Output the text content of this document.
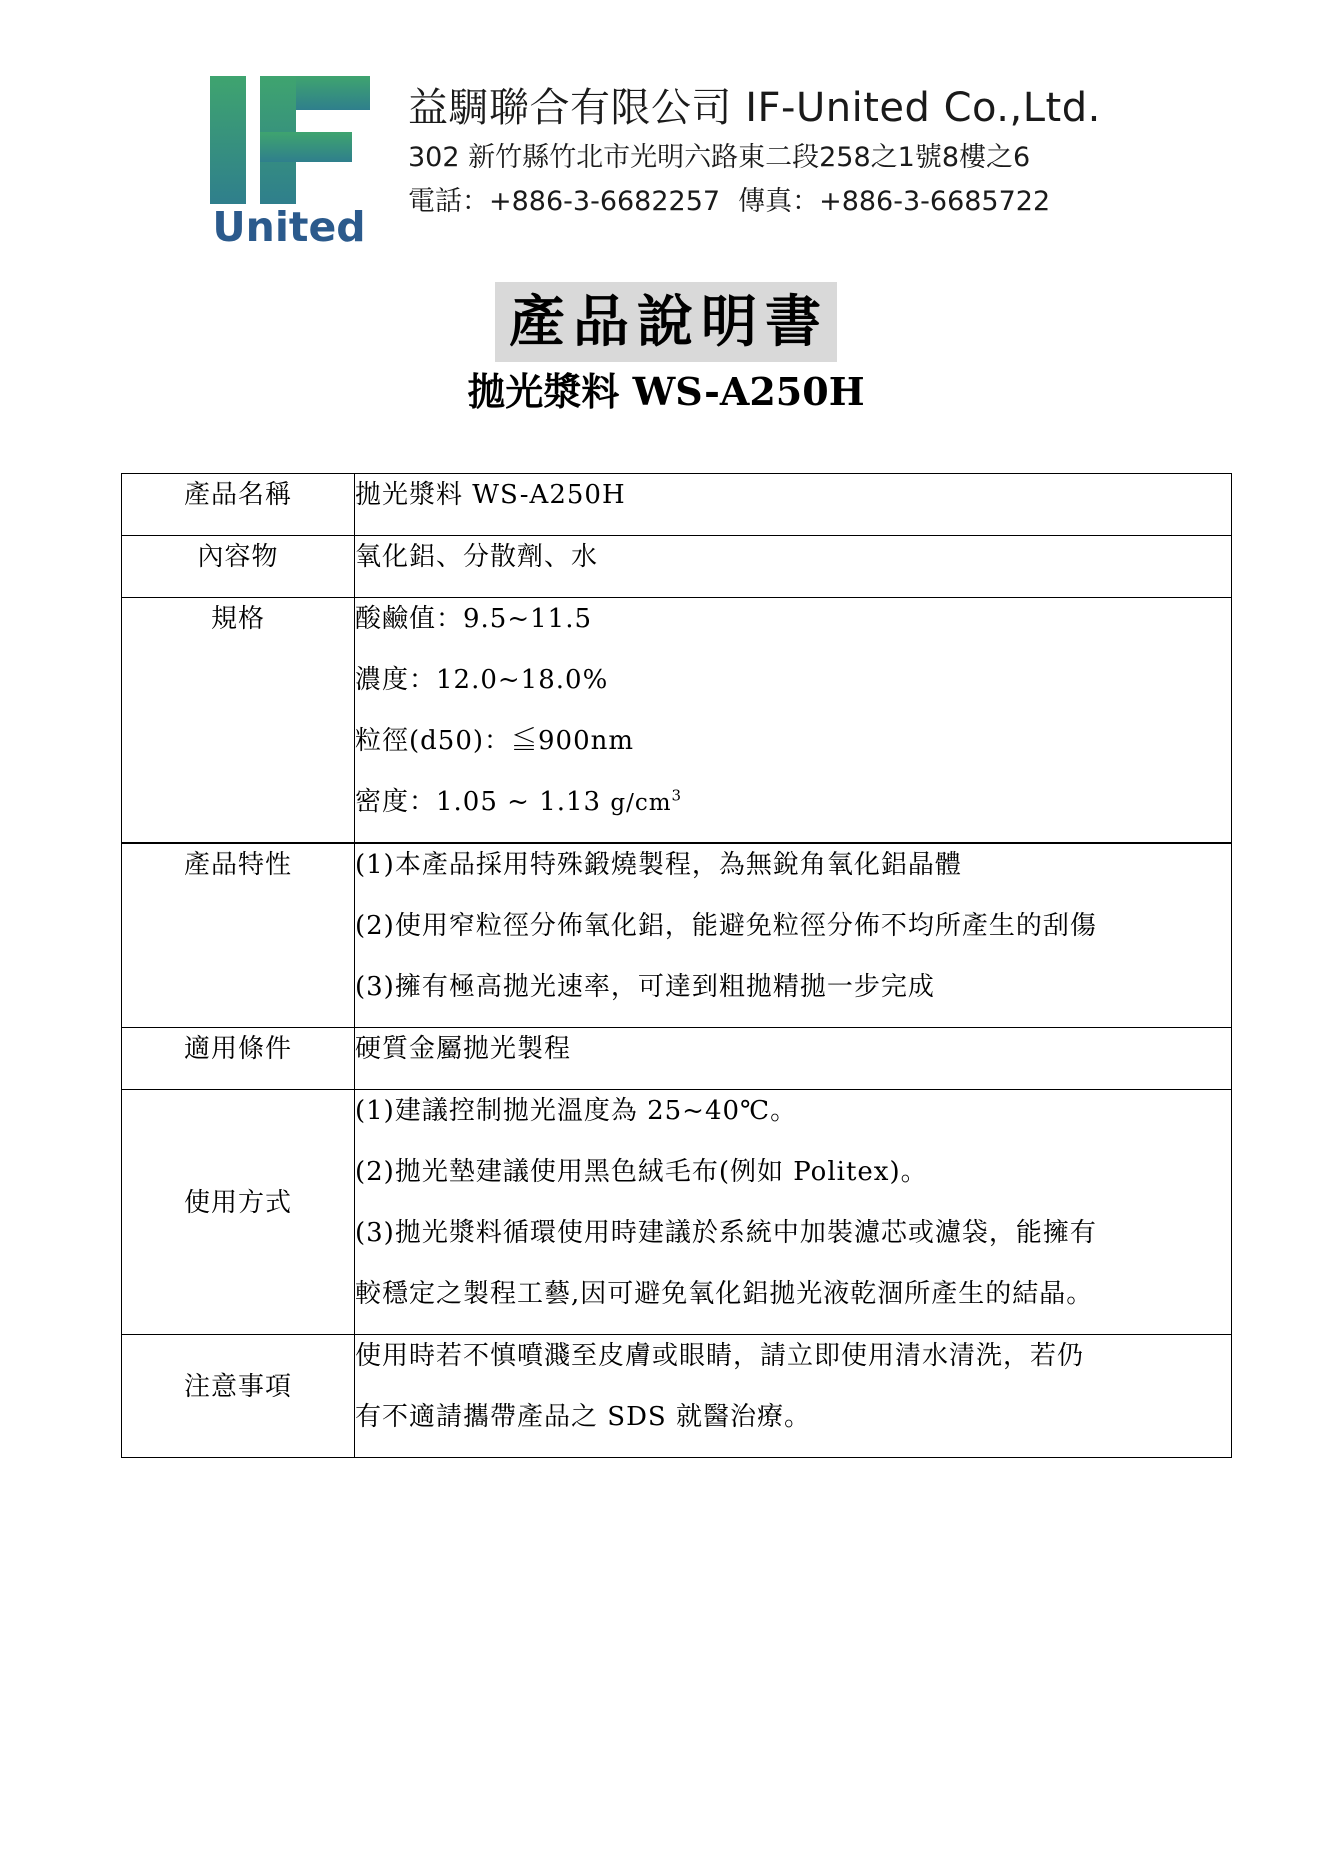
United
益騆聯合有限公司 IF-United Co.,Ltd.
302 新竹縣竹北市光明六路東二段258之1號8樓之6
電話：+886-3-6682257 傳真：+886-3-6685722
產品說明書
拋光漿料 WS-A250H
產品名稱	拋光漿料 WS-A250H

內容物	氧化鋁、分散劑、水

規格	酸鹼值：9.5~11.5
濃度：12.0~18.0%
粒徑(d50)：≦900nm
密度：1.05 ~ 1.13 $g/cm^3$

產品特性	(1)本產品採用特殊鍛燒製程，為無銳角氧化鋁晶體
(2)使用窄粒徑分佈氧化鋁，能避免粒徑分佈不均所產生的刮傷
(3)擁有極高拋光速率，可達到粗拋精拋一步完成

適用條件	硬質金屬拋光製程

使用方式	(1)建議控制拋光溫度為 25~40℃。
(2)拋光墊建議使用黑色絨毛布(例如 Politex)。
(3)拋光漿料循環使用時建議於系統中加裝濾芯或濾袋，能擁有
較穩定之製程工藝,因可避免氧化鋁拋光液乾涸所產生的結晶。

注意事項	使用時若不慎噴濺至皮膚或眼睛，請立即使用清水清洗，若仍
有不適請攜帶產品之 SDS 就醫治療。
